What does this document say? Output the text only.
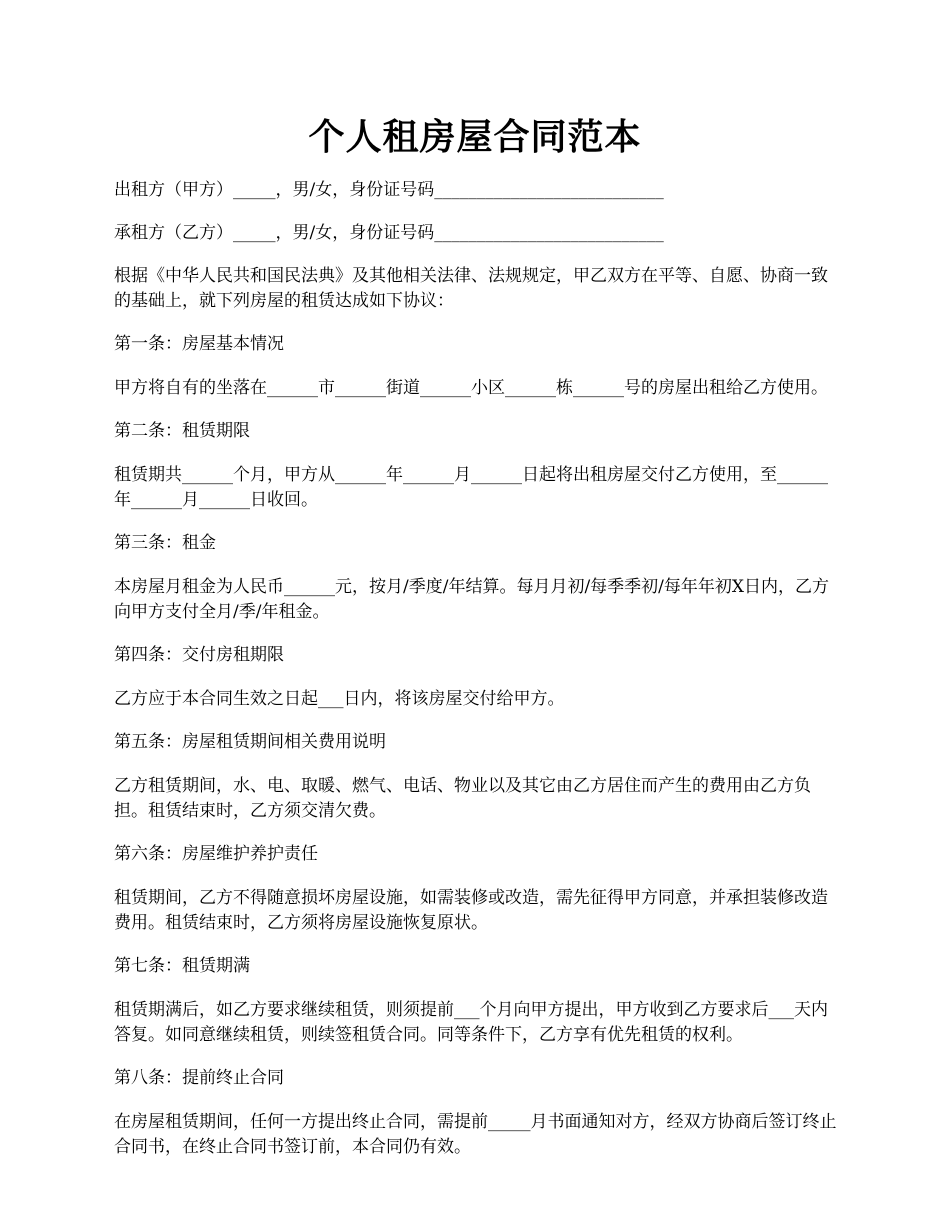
个人租房屋合同范本

出租方（甲方）_____，男/女，身份证号码___________________________

承租方（乙方）_____，男/女，身份证号码___________________________

根据《中华人民共和国民法典》及其他相关法律、法规规定，甲乙双方在平等、自愿、协商一致的基础上，就下列房屋的租赁达成如下协议：

第一条：房屋基本情况

甲方将自有的坐落在______市______街道______小区______栋______号的房屋出租给乙方使用。

第二条：租赁期限

租赁期共______个月，甲方从______年______月______日起将出租房屋交付乙方使用，至______年______月______日收回。

第三条：租金

本房屋月租金为人民币______元，按月/季度/年结算。每月月初/每季季初/每年年初X日内，乙方向甲方支付全月/季/年租金。

第四条：交付房租期限

乙方应于本合同生效之日起___日内，将该房屋交付给甲方。

第五条：房屋租赁期间相关费用说明

乙方租赁期间，水、电、取暖、燃气、电话、物业以及其它由乙方居住而产生的费用由乙方负担。租赁结束时，乙方须交清欠费。

第六条：房屋维护养护责任

租赁期间，乙方不得随意损坏房屋设施，如需装修或改造，需先征得甲方同意，并承担装修改造费用。租赁结束时，乙方须将房屋设施恢复原状。

第七条：租赁期满

租赁期满后，如乙方要求继续租赁，则须提前___个月向甲方提出，甲方收到乙方要求后___天内答复。如同意继续租赁，则续签租赁合同。同等条件下，乙方享有优先租赁的权利。

第八条：提前终止合同

在房屋租赁期间，任何一方提出终止合同，需提前_____月书面通知对方，经双方协商后签订终止合同书，在终止合同书签订前，本合同仍有效。
